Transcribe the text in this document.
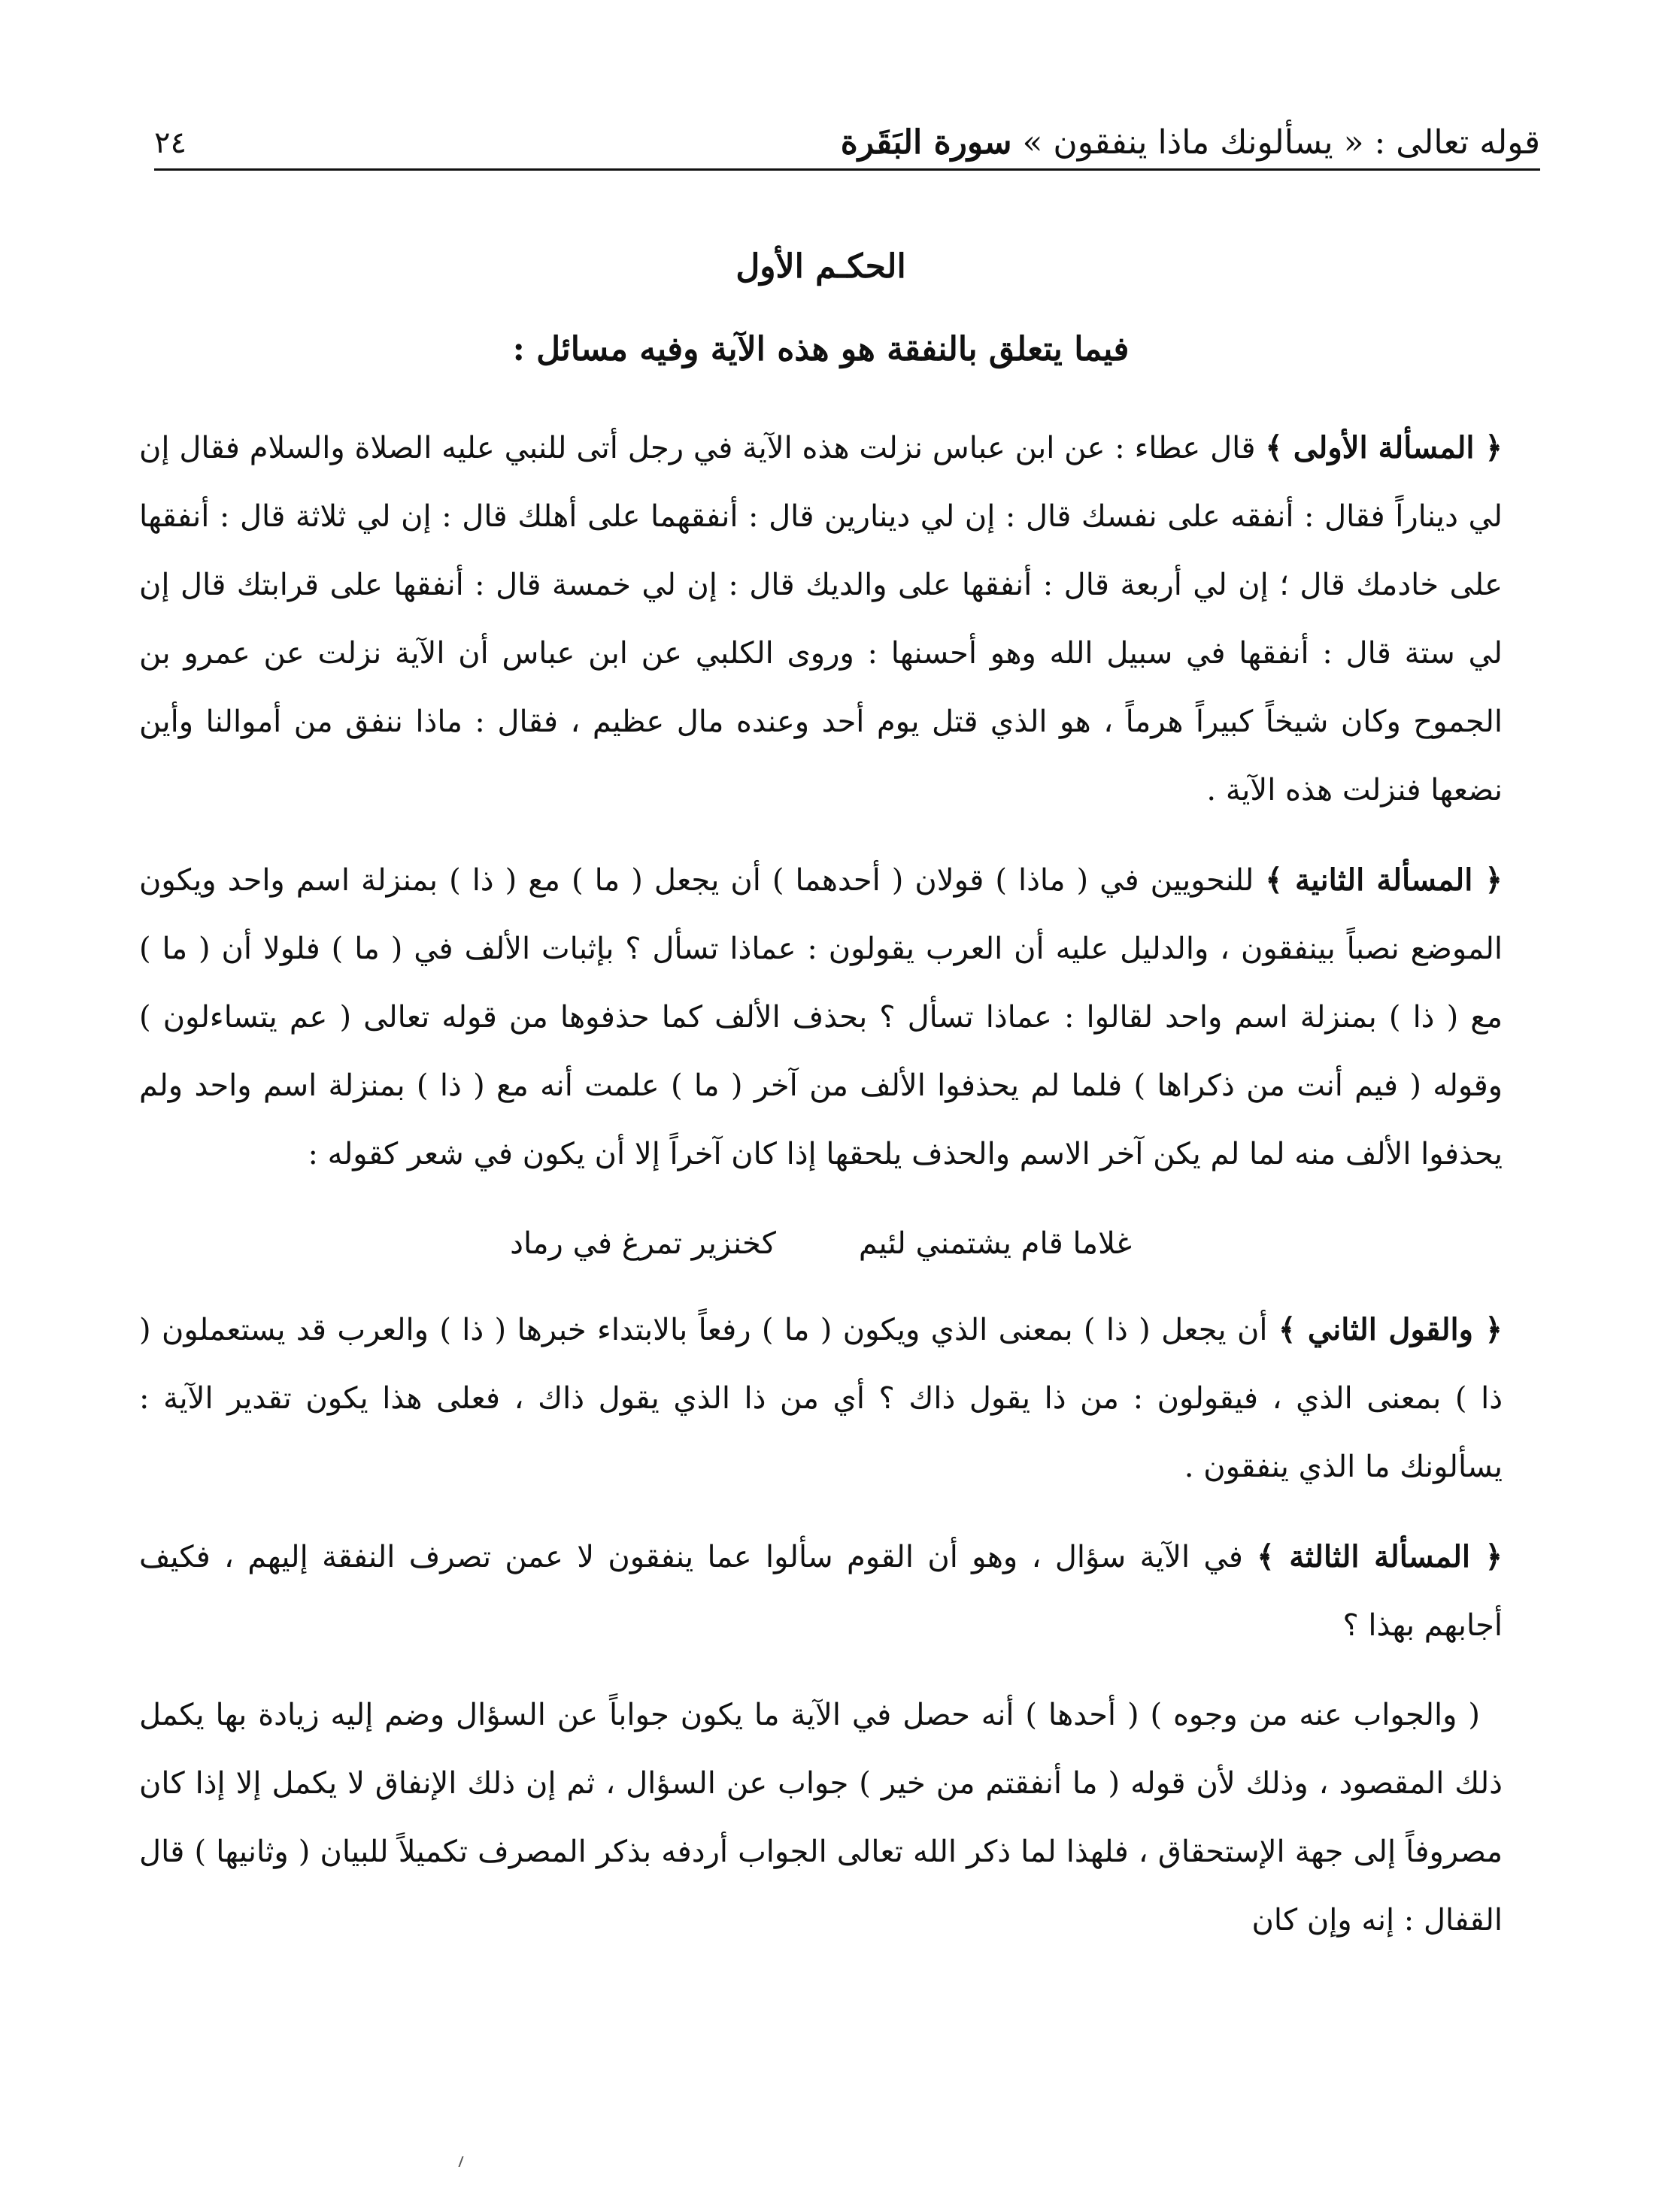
قوله تعالى : « يسألونك ماذا ينفقون » سورة البَقَرة
٢٤
الحكـم الأول
فيما يتعلق بالنفقة هو هذه الآية وفيه مسائل :

﴿ المسألة الأولى ﴾ قال عطاء : عن ابن عباس نزلت هذه الآية في رجل أتى للنبي عليه الصلاة والسلام فقال إن لي ديناراً فقال : أنفقه على نفسك قال : إن لي دينارين قال : أنفقهما على أهلك قال : إن لي ثلاثة قال : أنفقها على خادمك قال ؛ إن لي أربعة قال : أنفقها على والديك قال : إن لي خمسة قال : أنفقها على قرابتك قال إن لي ستة قال : أنفقها في سبيل الله وهو أحسنها : وروى الكلبي عن ابن عباس أن الآية نزلت عن عمرو بن الجموح وكان شيخاً كبيراً هرماً ، هو الذي قتل يوم أحد وعنده مال عظيم ، فقال : ماذا ننفق من أموالنا وأين نضعها فنزلت هذه الآية .

﴿ المسألة الثانية ﴾ للنحويين في ( ماذا ) قولان ( أحدهما ) أن يجعل ( ما ) مع ( ذا ) بمنزلة اسم واحد ويكون الموضع نصباً بينفقون ، والدليل عليه أن العرب يقولون : عماذا تسأل ؟ بإثبات الألف في ( ما ) فلولا أن ( ما ) مع ( ذا ) بمنزلة اسم واحد لقالوا : عماذا تسأل ؟ بحذف الألف كما حذفوها من قوله تعالى ( عم يتساءلون ) وقوله ( فيم أنت من ذكراها ) فلما لم يحذفوا الألف من آخر ( ما ) علمت أنه مع ( ذا ) بمنزلة اسم واحد ولم يحذفوا الألف منه لما لم يكن آخر الاسم والحذف يلحقها إذا كان آخراً إلا أن يكون في شعر كقوله :

غلاما قام يشتمني لئيم
كخنزير تمرغ في رماد

﴿ والقول الثاني ﴾ أن يجعل ( ذا ) بمعنى الذي ويكون ( ما ) رفعاً بالابتداء خبرها ( ذا ) والعرب قد يستعملون ( ذا ) بمعنى الذي ، فيقولون : من ذا يقول ذاك ؟ أي من ذا الذي يقول ذاك ، فعلى هذا يكون تقدير الآية : يسألونك ما الذي ينفقون .

﴿ المسألة الثالثة ﴾ في الآية سؤال ، وهو أن القوم سألوا عما ينفقون لا عمن تصرف النفقة إليهم ، فكيف أجابهم بهذا ؟

( والجواب عنه من وجوه ) ( أحدها ) أنه حصل في الآية ما يكون جواباً عن السؤال وضم إليه زيادة بها يكمل ذلك المقصود ، وذلك لأن قوله ( ما أنفقتم من خير ) جواب عن السؤال ، ثم إن ذلك الإنفاق لا يكمل إلا إذا كان مصروفاً إلى جهة الإستحقاق ، فلهذا لما ذكر الله تعالى الجواب أردفه بذكر المصرف تكميلاً للبيان ( وثانيها ) قال القفال : إنه وإن كان
